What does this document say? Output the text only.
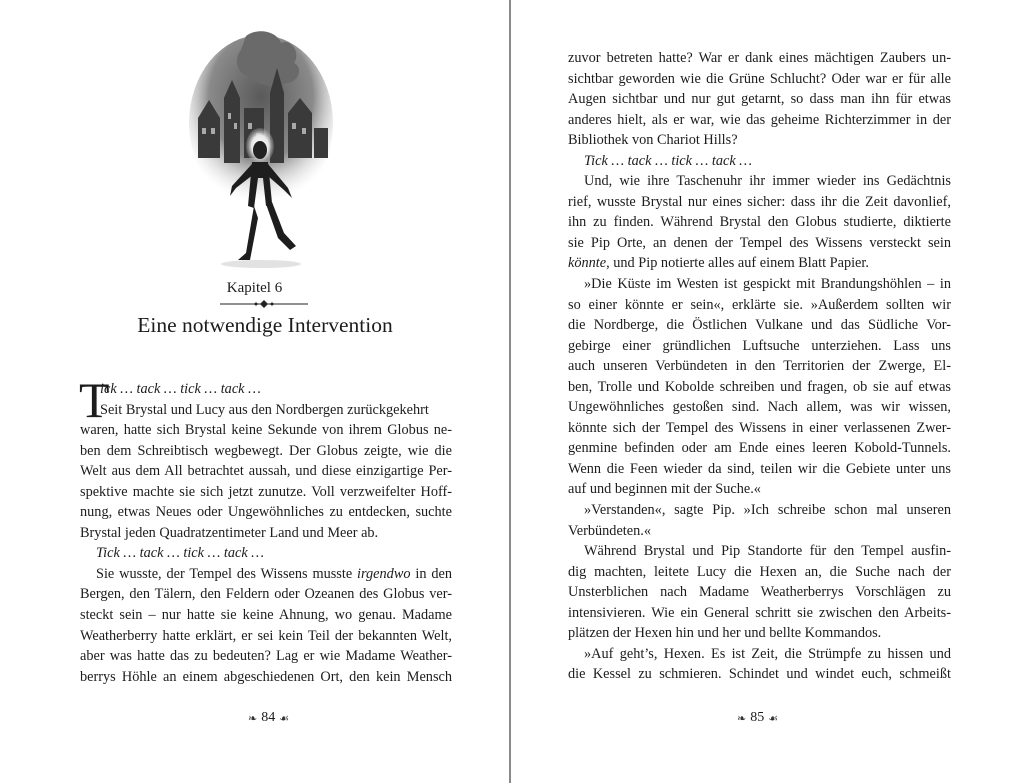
Kapitel 6
Eine notwendige Intervention
T
ick … tack … tick … tack …
Seit Brystal und Lucy aus den Nordbergen zurückgekehrt
waren, hatte sich Brystal keine Sekunde von ihrem Globus ne-
ben dem Schreibtisch wegbewegt. Der Globus zeigte, wie die
Welt aus dem All betrachtet aussah, und diese einzigartige Per-
spektive machte sie sich jetzt zunutze. Voll verzweifelter Hoff-
nung, etwas Neues oder Ungewöhnliches zu entdecken, suchte
Brystal jeden Quadratzentimeter Land und Meer ab.
Tick … tack … tick … tack …
Sie wusste, der Tempel des Wissens musste irgendwo in den
Bergen, den Tälern, den Feldern oder Ozeanen des Globus ver-
steckt sein – nur hatte sie keine Ahnung, wo genau. Madame
Weatherberry hatte erklärt, er sei kein Teil der bekannten Welt,
aber was hatte das zu bedeuten? Lag er wie Madame Weather-
berrys Höhle an einem abgeschiedenen Ort, den kein Mensch
❧ 84 ☙
zuvor betreten hatte? War er dank eines mächtigen Zaubers un-
sichtbar geworden wie die Grüne Schlucht? Oder war er für alle
Augen sichtbar und nur gut getarnt, so dass man ihn für etwas
anderes hielt, als er war, wie das geheime Richterzimmer in der
Bibliothek von Chariot Hills?
Tick … tack … tick … tack …
Und, wie ihre Taschenuhr ihr immer wieder ins Gedächtnis
rief, wusste Brystal nur eines sicher: dass ihr die Zeit davonlief,
ihn zu finden. Während Brystal den Globus studierte, diktierte
sie Pip Orte, an denen der Tempel des Wissens versteckt sein
könnte, und Pip notierte alles auf einem Blatt Papier.
»Die Küste im Westen ist gespickt mit Brandungshöhlen – in
so einer könnte er sein«, erklärte sie. »Außerdem sollten wir
die Nordberge, die Östlichen Vulkane und das Südliche Vor-
gebirge einer gründlichen Luftsuche unterziehen. Lass uns
auch unseren Verbündeten in den Territorien der Zwerge, El-
ben, Trolle und Kobolde schreiben und fragen, ob sie auf etwas
Ungewöhnliches gestoßen sind. Nach allem, was wir wissen,
könnte sich der Tempel des Wissens in einer verlassenen Zwer-
genmine befinden oder am Ende eines leeren Kobold-Tunnels.
Wenn die Feen wieder da sind, teilen wir die Gebiete unter uns
auf und beginnen mit der Suche.«
»Verstanden«, sagte Pip. »Ich schreibe schon mal unseren
Verbündeten.«
Während Brystal und Pip Standorte für den Tempel ausfin-
dig machten, leitete Lucy die Hexen an, die Suche nach der
Unsterblichen nach Madame Weatherberrys Vorschlägen zu
intensivieren. Wie ein General schritt sie zwischen den Arbeits-
plätzen der Hexen hin und her und bellte Kommandos.
»Auf geht’s, Hexen. Es ist Zeit, die Strümpfe zu hissen und
die Kessel zu schmieren. Schindet und windet euch, schmeißt
❧ 85 ☙
